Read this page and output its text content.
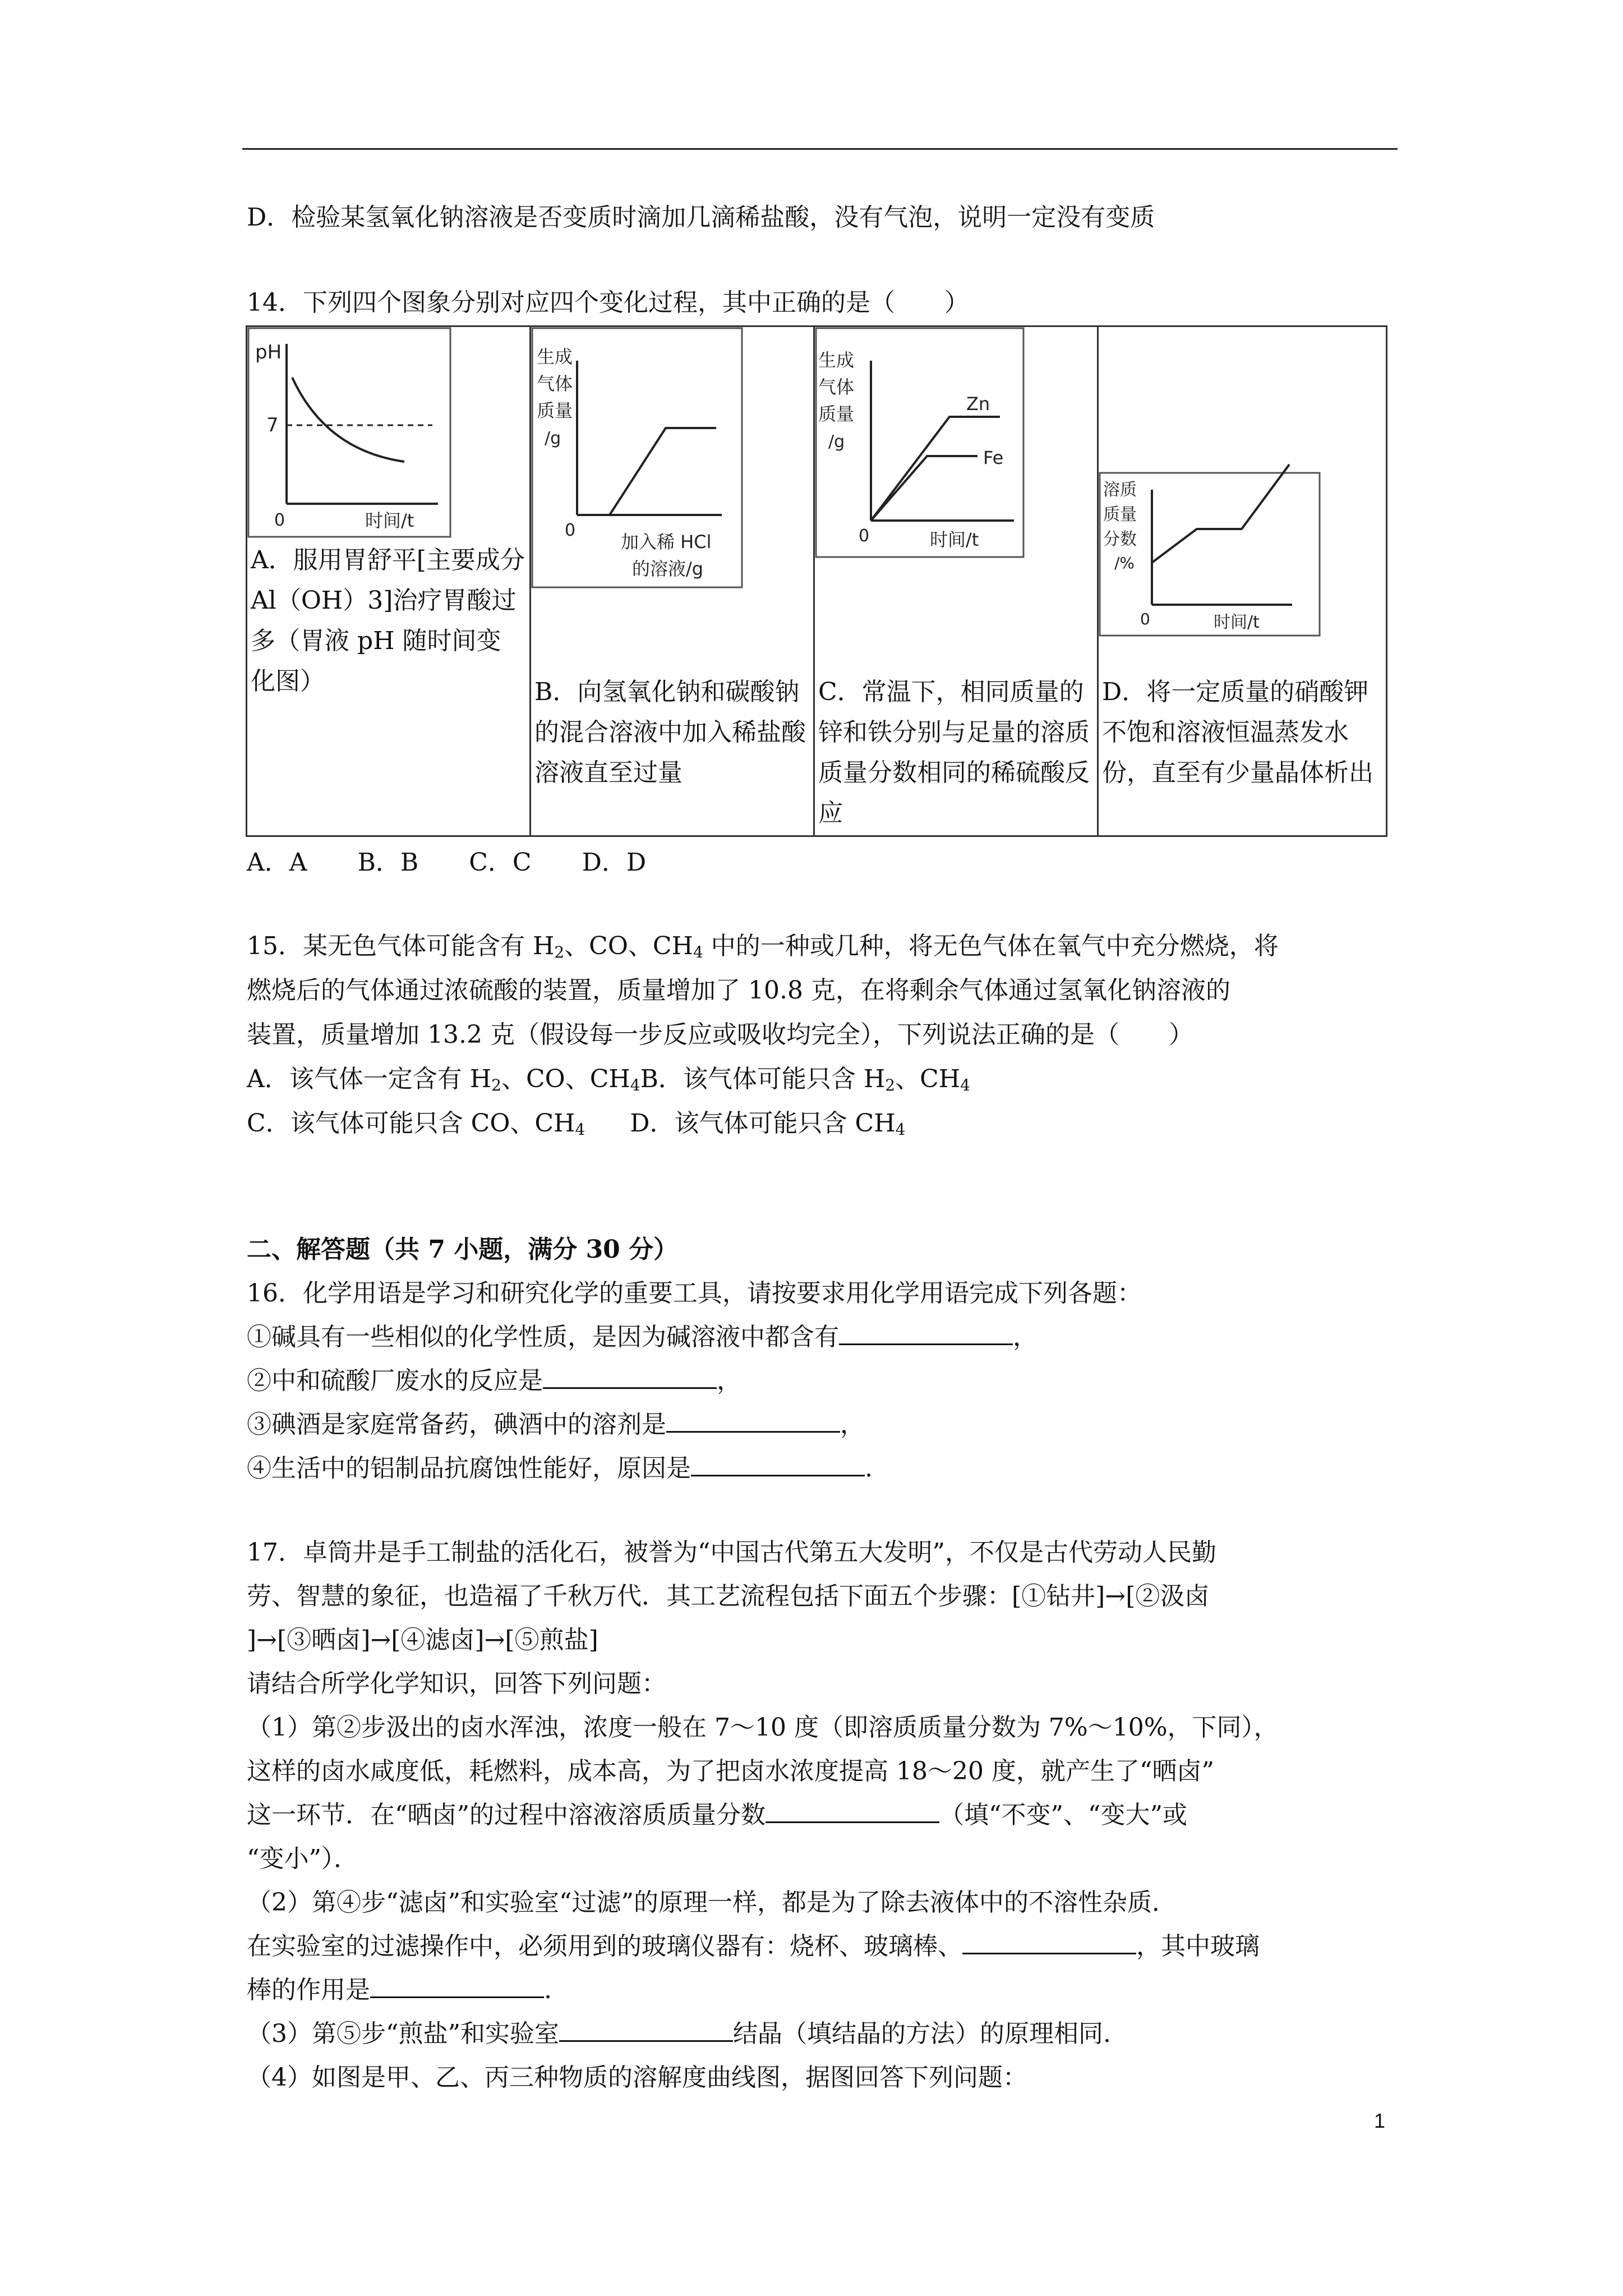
D．检验某氢氧化钠溶液是否变质时滴加几滴稀盐酸，没有气泡，说明一定没有变质
14．下列四个图象分别对应四个变化过程，其中正确的是（　　）
pH
7
0	时间/t
A．服用胃舒平[主要成分 Al（OH）3]治疗胃酸过多（胃液 pH 随时间变化图）
生成
气体
质量
/g
0
加入稀 HCl
的溶液/g
B．向氢氧化钠和碳酸钠的混合溶液中加入稀盐酸溶液直至过量
生成
气体
质量
/g
Zn
Fe
0	时间/t
C．常温下，相同质量的锌和铁分别与足量的溶质质量分数相同的稀硫酸反应
溶质
质量
分数
/%
0	时间/t
D．将一定质量的硝酸钾不饱和溶液恒温蒸发水份，直至有少量晶体析出
A．A B．B C．C D．D
15．某无色气体可能含有 $H_2$、CO、$CH_4$ 中的一种或几种，将无色气体在氧气中充分燃烧，将
燃烧后的气体通过浓硫酸的装置，质量增加了 10.8 克，在将剩余气体通过氢氧化钠溶液的
装置，质量增加 13.2 克（假设每一步反应或吸收均完全），下列说法正确的是（　　）
A．该气体一定含有 $H_2$、CO、$CH_4B$．该气体可能只含 $H_2$、$CH_4$
C．该气体可能只含 CO、$CH_4$ D．该气体可能只含 $CH_4$
二、解答题（共 7 小题，满分 30 分）
16．化学用语是学习和研究化学的重要工具，请按要求用化学用语完成下列各题：
①碱具有一些相似的化学性质，是因为碱溶液中都含有	，
②中和硫酸厂废水的反应是	，
③碘酒是家庭常备药，碘酒中的溶剂是	，
④生活中的铝制品抗腐蚀性能好，原因是	.
17．卓筒井是手工制盐的活化石，被誉为“中国古代第五大发明”，不仅是古代劳动人民勤
劳、智慧的象征，也造福了千秋万代．其工艺流程包括下面五个步骤：[①钻井]→[②汲卤
]→[③晒卤]→[④滤卤]→[⑤煎盐]
请结合所学化学知识，回答下列问题：
（1）第②步汲出的卤水浑浊，浓度一般在 7～10 度（即溶质质量分数为 7%～10%，下同），
这样的卤水咸度低，耗燃料，成本高，为了把卤水浓度提高 18～20 度，就产生了“晒卤”
这一环节．在“晒卤”的过程中溶液溶质质量分数	（填“不变”、“变大”或
“变小”）．
（2）第④步“滤卤”和实验室“过滤”的原理一样，都是为了除去液体中的不溶性杂质．
在实验室的过滤操作中，必须用到的玻璃仪器有：烧杯、玻璃棒、	，其中玻璃
棒的作用是	.
（3）第⑤步“煎盐”和实验室	结晶（填结晶的方法）的原理相同.
（4）如图是甲、乙、丙三种物质的溶解度曲线图，据图回答下列问题：
1
